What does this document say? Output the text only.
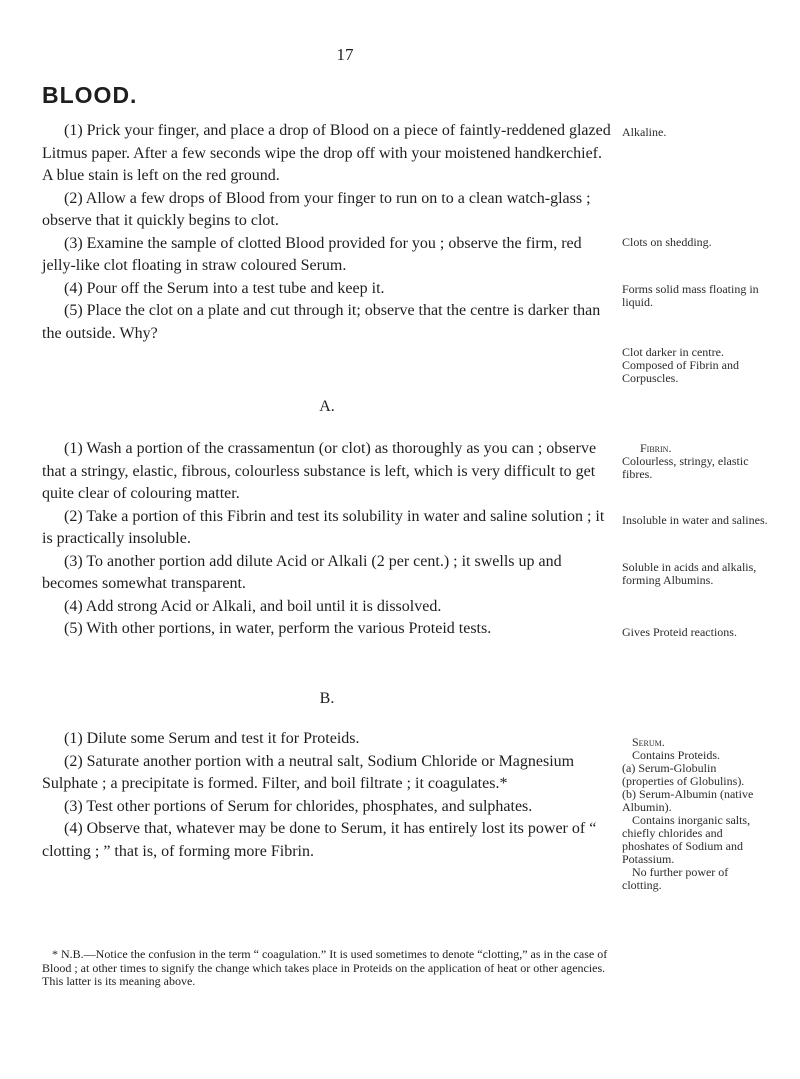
17
BLOOD.

(1) Prick your finger, and place a drop of Blood on a piece of faintly-reddened glazed Litmus paper. After a few seconds wipe the drop off with your moistened handkerchief. A blue stain is left on the red ground.

(2) Allow a few drops of Blood from your finger to run on to a clean watch-glass ; observe that it quickly begins to clot.

(3) Examine the sample of clotted Blood provided for you ; observe the firm, red jelly-like clot floating in straw coloured Serum.

(4) Pour off the Serum into a test tube and keep it.

(5) Place the clot on a plate and cut through it; observe that the centre is darker than the outside. Why?

A.

(1) Wash a portion of the crassamentun (or clot) as thoroughly as you can ; observe that a stringy, elastic, fibrous, colourless substance is left, which is very difficult to get quite clear of colouring matter.

(2) Take a portion of this Fibrin and test its solubility in water and saline solution ; it is practically insoluble.

(3) To another portion add dilute Acid or Alkali (2 per cent.) ; it swells up and becomes somewhat transparent.

(4) Add strong Acid or Alkali, and boil until it is dissolved.

(5) With other portions, in water, perform the various Proteid tests.

B.

(1) Dilute some Serum and test it for Proteids.

(2) Saturate another portion with a neutral salt, Sodium Chloride or Magnesium Sulphate ; a precipitate is formed. Filter, and boil filtrate ; it coagulates.*

(3) Test other portions of Serum for chlorides, phosphates, and sulphates.

(4) Observe that, whatever may be done to Serum, it has entirely lost its power of “ clotting ; ” that is, of forming more Fibrin.

* N.B.—Notice the confusion in the term “ coagulation.” It is used sometimes to denote “clotting,” as in the case of Blood ; at other times to signify the change which takes place in Proteids on the application of heat or other agencies. This latter is its meaning above.

Alkaline.
Clots on shedding.
Forms solid mass floating in liquid.
Clot darker in centre. Composed of Fibrin and Corpuscles.
Fibrin.
Colourless, stringy, elastic fibres.
Insoluble in water and salines.
Soluble in acids and alkalis, forming Albumins.
Gives Proteid reactions.
Serum.
Contains Proteids.
(a) Serum-Globulin (properties of Globulins).
(b) Serum-Albumin (native Albumin).
Contains inorganic salts, chiefly chlorides and phoshates of Sodium and Potassium.
No further power of clotting.
